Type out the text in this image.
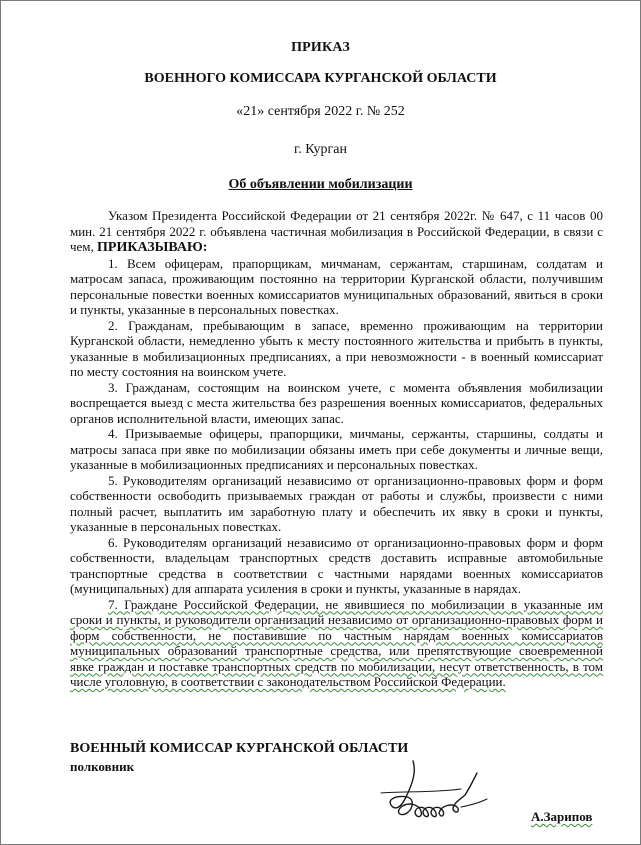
ПРИКАЗ
ВОЕННОГО КОМИССАРА КУРГАНСКОЙ ОБЛАСТИ
«21» сентября 2022 г. № 252
г. Курган
Об объявлении мобилизации

Указом Президента Российской Федерации от 21 сентября 2022г. № 647, с 11 часов 00 мин. 21 сентября 2022 г. объявлена частичная мобилизация в Российской Федерации, в связи с чем, ПРИКАЗЫВАЮ:

1. Всем офицерам, прапорщикам, мичманам, сержантам, старшинам, солдатам и матросам запаса, проживающим постоянно на территории Курганской области, получившим персональные повестки военных комиссариатов муниципальных образований, явиться в сроки и пункты, указанные в персональных повестках.

2. Гражданам, пребывающим в запасе, временно проживающим на территории Курганской области, немедленно убыть к месту постоянного жительства и прибыть в пункты, указанные в мобилизационных предписаниях, а при невозможности - в военный комиссариат по месту состояния на воинском учете.

3. Гражданам, состоящим на воинском учете, с момента объявления мобилизации воспрещается выезд с места жительства без разрешения военных комиссариатов, федеральных органов исполнительной власти, имеющих запас.

4. Призываемые офицеры, прапорщики, мичманы, сержанты, старшины, солдаты и матросы запаса при явке по мобилизации обязаны иметь при себе документы и личные вещи, указанные в мобилизационных предписаниях и персональных повестках.

5. Руководителям организаций независимо от организационно-правовых форм и форм собственности освободить призываемых граждан от работы и службы, произвести с ними полный расчет, выплатить им заработную плату и обеспечить их явку в сроки и пункты, указанные в персональных повестках.

6. Руководителям организаций независимо от организационно-правовых форм и форм собственности, владельцам транспортных средств доставить исправные автомобильные транспортные средства в соответствии с частными нарядами военных комиссариатов (муниципальных) для аппарата усиления в сроки и пункты, указанные в нарядах.

7. Граждане Российской Федерации, не явившиеся по мобилизации в указанные им сроки и пункты, и руководители организаций независимо от организационно-правовых форм и форм собственности, не поставившие по частным нарядам военных комиссариатов муниципальных образований транспортные средства, или препятствующие своевременной явке граждан и поставке транспортных средств по мобилизации, несут ответственность, в том числе уголовную, в соответствии с законодательством Российской Федерации.

ВОЕННЫЙ КОМИССАР КУРГАНСКОЙ ОБЛАСТИ
полковник
А.Зарипов
